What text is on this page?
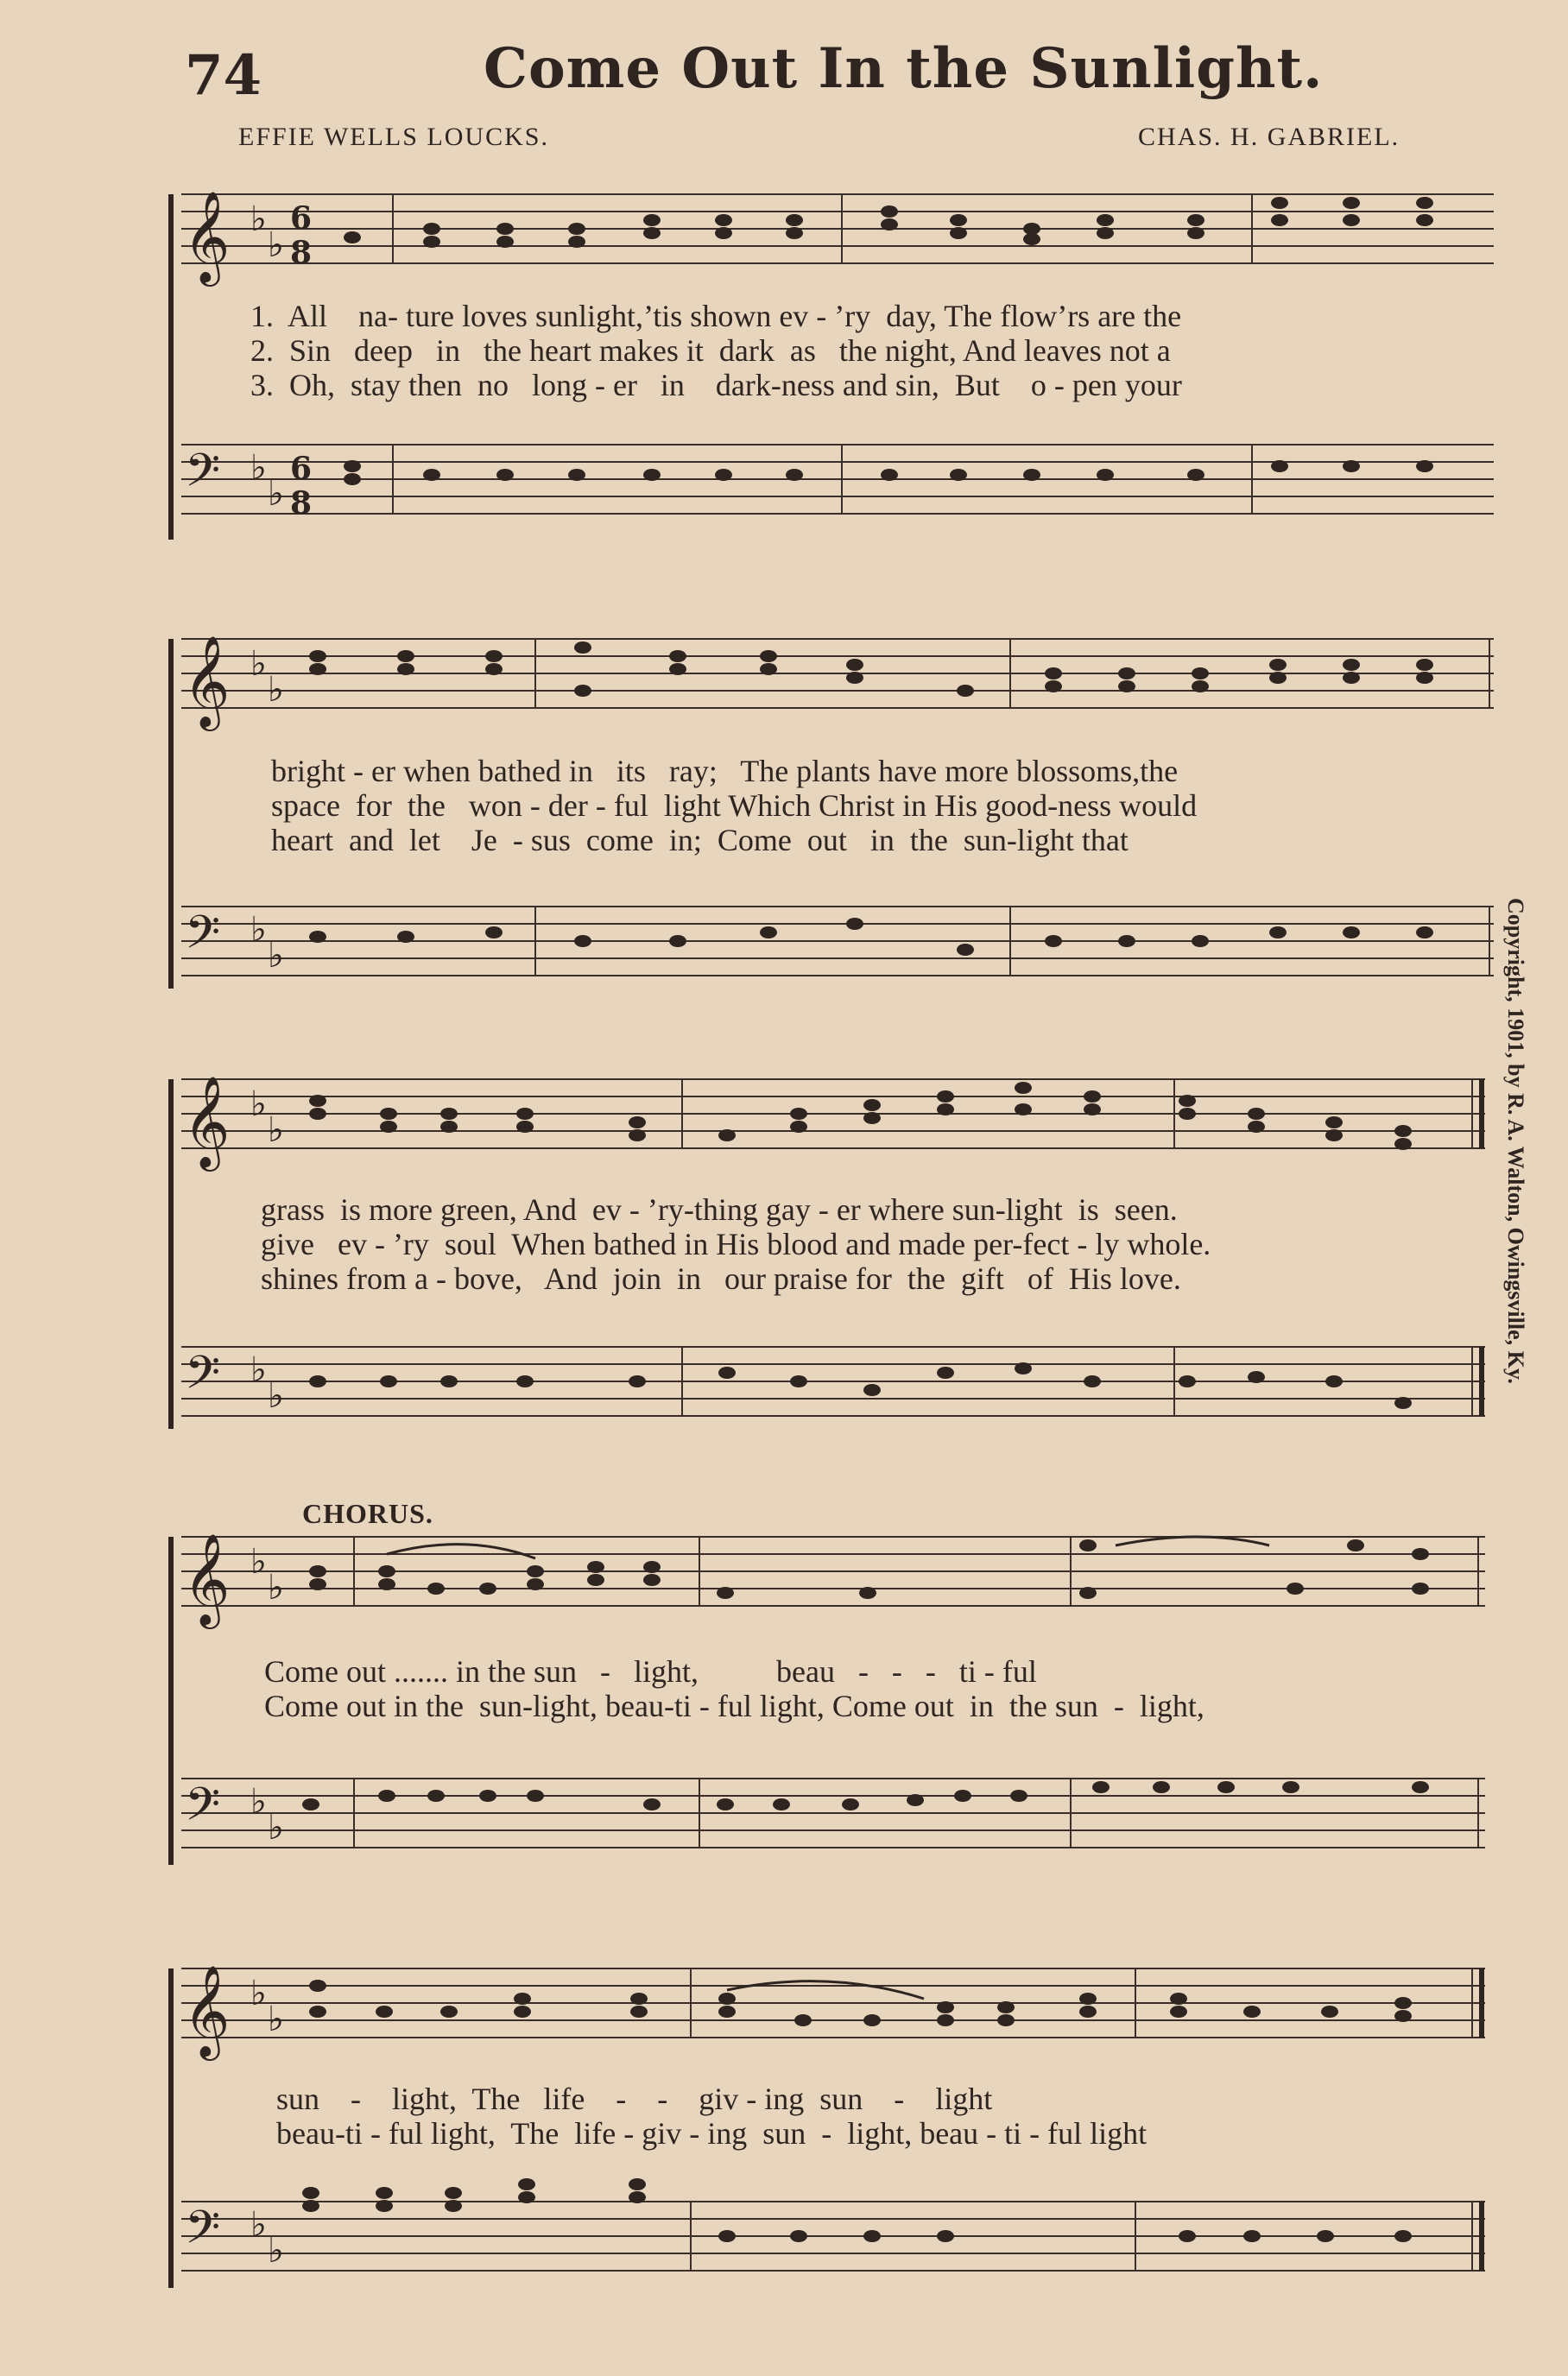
74	Come Out In the Sunlight.
EFFIE WELLS LOUCKS.	CHAS. H. GABRIEL.
𝄞
𝄢
♭
♭
6
8
♭
♭
6
8
1.  All    na- ture loves sunlight,’tis shown ev - ’ry  day, The flow’rs are the
2.  Sin   deep   in   the heart makes it  dark  as   the night, And leaves not a
3.  Oh,  stay then  no   long - er   in    dark-ness and sin,  But    o - pen your
𝄞
𝄢
♭
♭
♭
♭
bright - er when bathed in   its   ray;   The plants have more blossoms,the
space  for  the   won - der - ful  light Which Christ in His good-ness would
heart  and  let    Je  - sus  come  in;  Come  out   in  the  sun-light that
𝄞
𝄢
♭
♭
♭
♭
grass  is more green, And  ev - ’ry-thing gay - er where sun-light  is  seen.
give   ev - ’ry  soul  When bathed in His blood and made per-fect - ly whole.
shines from a - bove,   And  join  in   our praise for  the  gift   of  His love.
CHORUS.
𝄞
𝄢
♭
♭
♭
♭
Come out ....... in the sun   -   light,          beau   -   -   -   ti - ful
Come out in the  sun-light, beau-ti - ful light, Come out  in  the sun  -  light,
𝄞
𝄢
♭
♭
♭
♭
sun    -    light,  The   life    -    -    giv - ing  sun    -    light
beau-ti - ful light,  The  life - giv - ing  sun  -  light, beau - ti - ful light
Copyright, 1901, by R. A. Walton, Owingsville, Ky.
